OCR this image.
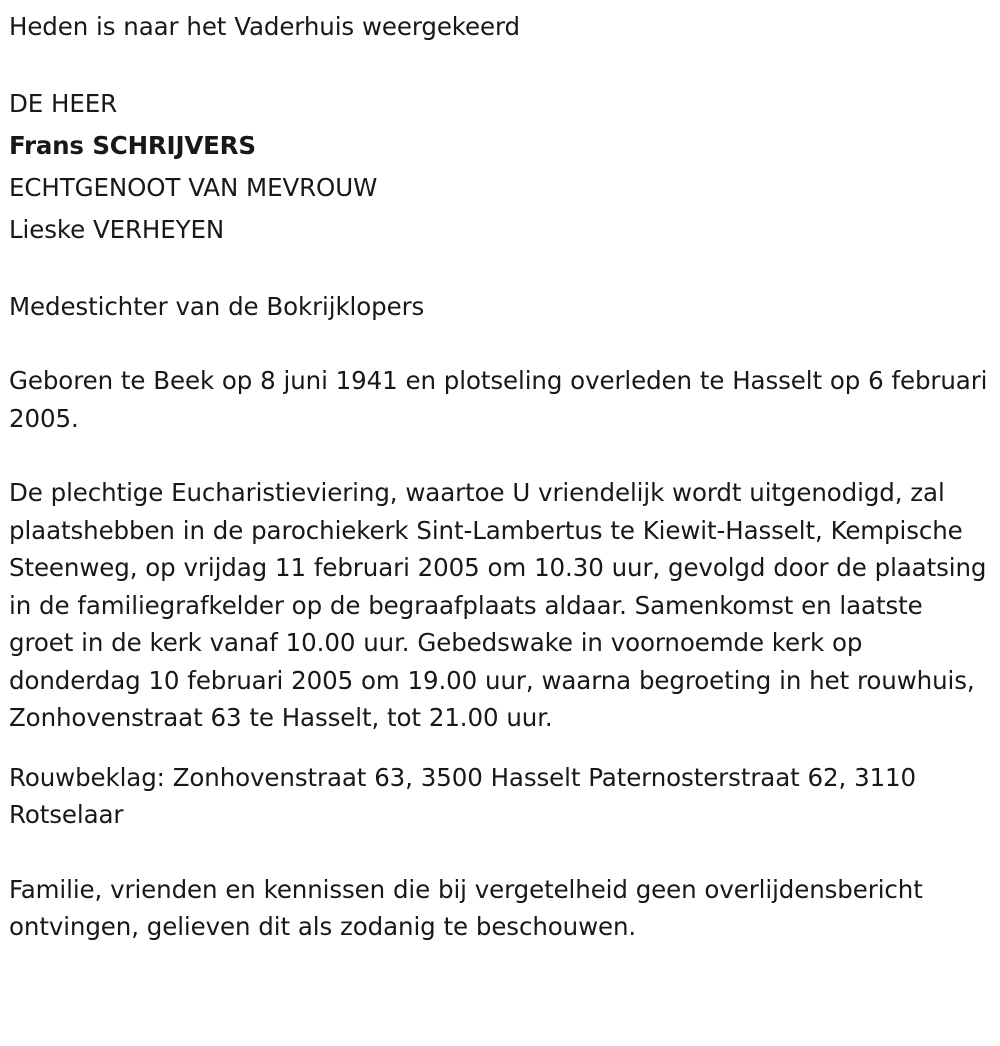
Heden is naar het Vaderhuis weergekeerd

DE HEER

Frans SCHRIJVERS

ECHTGENOOT VAN MEVROUW

Lieske VERHEYEN

Medestichter van de Bokrijklopers

Geboren te Beek op 8 juni 1941 en plotseling overleden te Hasselt op 6 februari 2005.

De plechtige Eucharistieviering, waartoe U vriendelijk wordt uitgenodigd, zal plaatshebben in de parochiekerk Sint-Lambertus te Kiewit-Hasselt, Kempische Steenweg, op vrijdag 11 februari 2005 om 10.30 uur, gevolgd door de plaatsing in de familiegrafkelder op de begraafplaats aldaar. Samenkomst en laatste groet in de kerk vanaf 10.00 uur. Gebedswake in voornoemde kerk op donderdag 10 februari 2005 om 19.00 uur, waarna begroeting in het rouwhuis, Zonhovenstraat 63 te Hasselt, tot 21.00 uur.

Rouwbeklag: Zonhovenstraat 63, 3500 Hasselt Paternosterstraat 62, 3110 Rotselaar

Familie, vrienden en kennissen die bij vergetelheid geen overlijdensbericht ontvingen, gelieven dit als zodanig te beschouwen.
